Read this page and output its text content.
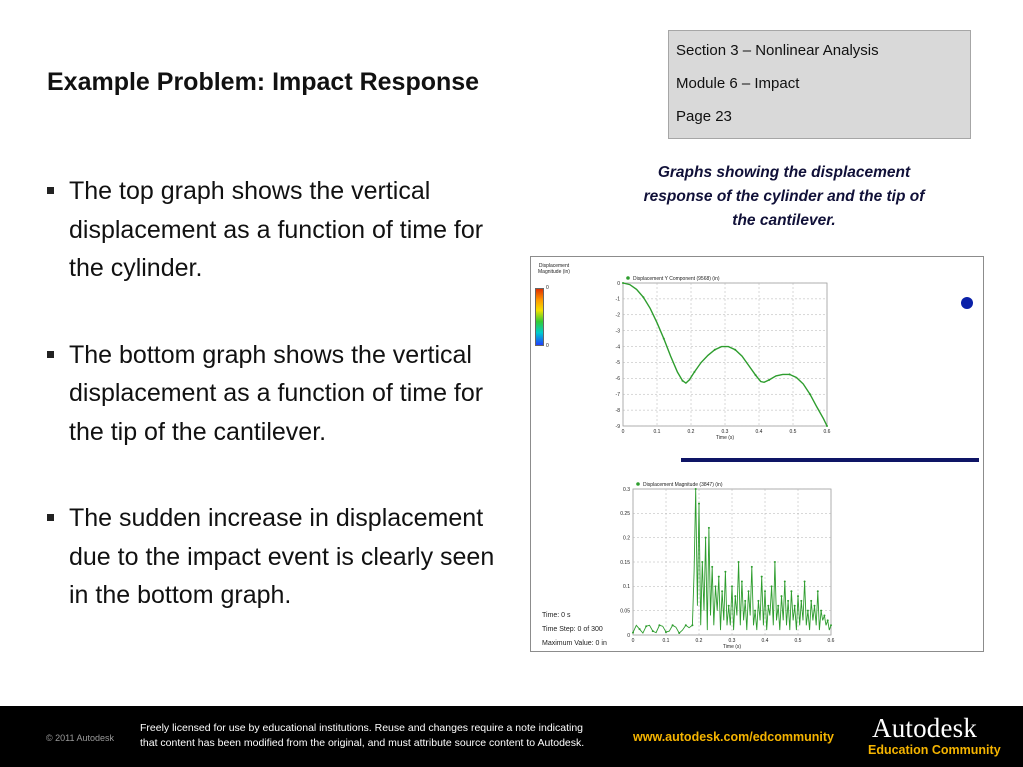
Example Problem: Impact Response
Section 3 – Nonlinear Analysis
Module 6 – Impact
Page 23
The top graph shows the vertical displacement as a function of time for the cylinder.
The bottom graph shows the vertical displacement as a function of time for the tip of the cantilever.
The sudden increase in displacement due to the impact event is clearly seen in the bottom graph.
Graphs showing the displacement response of the cylinder and the tip of the cantilever.
Displacement Magnitude (in)
0
0
0	0.1	0.2	0.3	0.4	0.5	0.6
0
-1
-2
-3
-4
-5
-6
-7
-8
-9
Time (s)
Displacement Y Component (9568) (in)
0	0.1	0.2	0.3	0.4	0.5	0.6
0.3
0.25
0.2
0.15
0.1
0.05
0
Time (s)
Displacement Magnitude (3847) (in)
Time: 0 s
Time Step: 0 of 300
Maximum Value: 0 in
© 2011 Autodesk
Freely licensed for use by educational institutions. Reuse and changes require a note indicating
that content has been modified from the original, and must attribute source content to Autodesk.	www.autodesk.com/edcommunity Autodesk
Education Community
